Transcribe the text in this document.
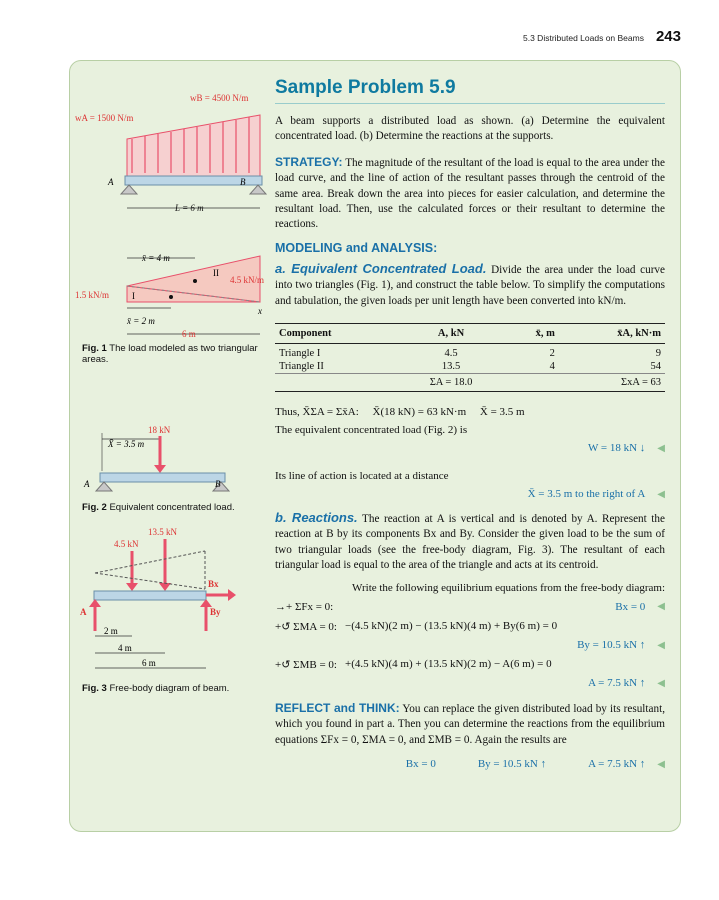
5.3 Distributed Loads on Beams 243
wB = 4500 N/m
wA = 1500 N/m
A	B
L = 6 m
x̄ = 4 m
II
I
4.5 kN/m
1.5 kN/m
x
x̄ = 2 m
6 m
Fig. 1 The load modeled as two triangular areas.
18 kN
X̄ = 3.5 m
A	B
Fig. 2 Equivalent concentrated load.
13.5 kN
4.5 kN
Bx
By
A
2 m
4 m
6 m
Fig. 3 Free-body diagram of beam.
Sample Problem 5.9

A beam supports a distributed load as shown. (a) Determine the equivalent concentrated load. (b) Determine the reactions at the supports.

STRATEGY: The magnitude of the resultant of the load is equal to the area under the load curve, and the line of action of the resultant passes through the centroid of the same area. Break down the area into pieces for easier calculation, and determine the resultant load. Then, use the calculated forces or their resultant to determine the reactions.

MODELING and ANALYSIS:

a. Equivalent Concentrated Load. Divide the area under the load curve into two triangles (Fig. 1), and construct the table below. To simplify the computations and tabulation, the given loads per unit length have been converted into kN/m.

Component	A, kN	x̄, m	x̄A, kN·m
Triangle I	4.5	2	9
Triangle II	13.5	4	54
	ΣA = 18.0		ΣxA = 63
Thus, X̄ΣA = Σx̄A:     X̄(18 kN) = 63 kN·m     X̄ = 3.5 m
The equivalent concentrated load (Fig. 2) is
W = 18 kN ↓ ◀
Its line of action is located at a distance
X̄ = 3.5 m to the right of A ◀

b. Reactions. The reaction at A is vertical and is denoted by A. Represent the reaction at B by its components Bx and By. Consider the given load to be the sum of two triangular loads (see the free-body diagram, Fig. 3). The resultant of each triangular load is equal to the area of the triangle and acts at its centroid.

Write the following equilibrium equations from the free-body diagram:
→+ ΣFx = 0:	Bx = 0 ◀
+↺ ΣMA = 0: −(4.5 kN)(2 m) − (13.5 kN)(4 m) + By(6 m) = 0
By = 10.5 kN ↑ ◀
+↺ ΣMB = 0: +(4.5 kN)(4 m) + (13.5 kN)(2 m) − A(6 m) = 0
A = 7.5 kN ↑ ◀

REFLECT and THINK: You can replace the given distributed load by its resultant, which you found in part a. Then you can determine the reactions from the equilibrium equations ΣFx = 0, ΣMA = 0, and ΣMB = 0. Again the results are

Bx = 0	By = 10.5 kN ↑	A = 7.5 kN ↑ ◀
